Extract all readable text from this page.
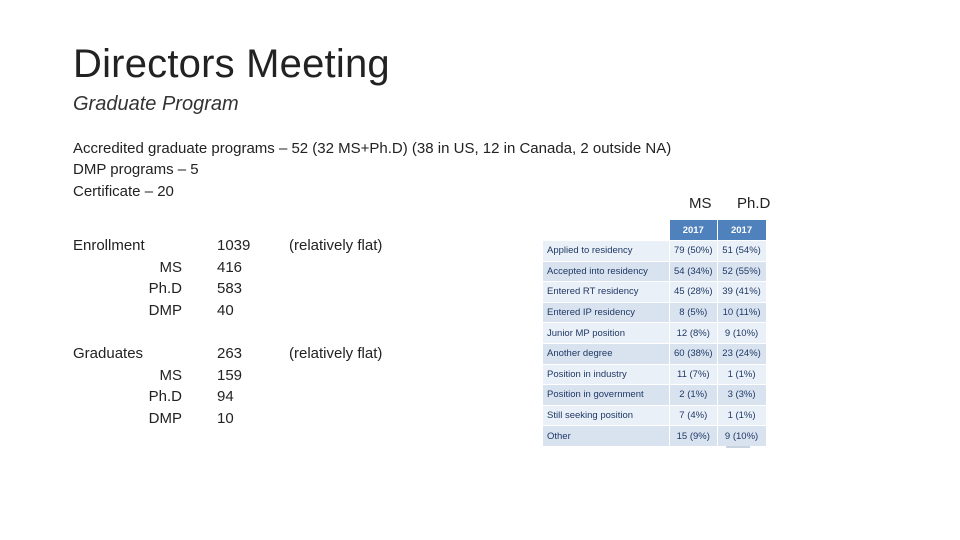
Directors Meeting
Graduate Program
Accredited graduate programs – 52 (32 MS+Ph.D) (38 in US, 12 in Canada, 2 outside NA)
DMP programs – 5
Certificate – 20
MS Ph.D
Enrollment	1039	(relatively flat)
MS 416
Ph.D 583
DMP 40
Graduates	263	(relatively flat)
MS 159
Ph.D 94
DMP 10
	2017	2017
Applied to residency	79 (50%)	51 (54%)
Accepted into residency	54 (34%)	52 (55%)
Entered RT residency	45 (28%)	39 (41%)
Entered IP residency	8 (5%)	10 (11%)
Junior MP position	12 (8%)	9 (10%)
Another degree	60 (38%)	23 (24%)
Position in industry	11 (7%)	1 (1%)
Position in government	2 (1%)	3 (3%)
Still seeking position	7 (4%)	1 (1%)
Other	15 (9%)	9 (10%)
